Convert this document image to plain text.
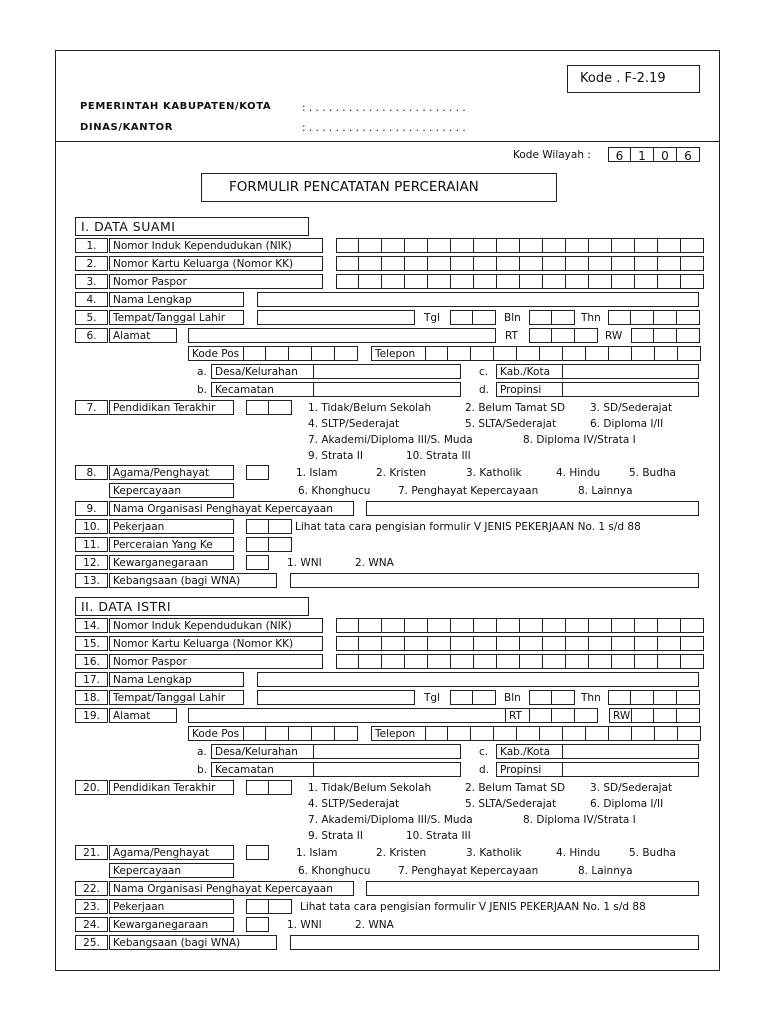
Kode . F-2.19
PEMERINTAH KABUPATEN/KOTA	: . . . . . . . . . . . . . . . . . . . . . . . .
DINAS/KANTOR	: . . . . . . . . . . . . . . . . . . . . . . . .
Kode Wilayah :	6	1	0	6
FORMULIR PENCATATAN PERCERAIAN
I. DATA SUAMI
1.	Nomor Induk Kependudukan (NIK)
2.	Nomor Kartu Keluarga (Nomor KK)
3.	Nomor Paspor
4.	Nama Lengkap
5.	Tempat/Tanggal Lahir	Tgl	Bln	Thn
6.	Alamat	RT	RW
Kode Pos	Telepon
a. Desa/Kelurahan	c.	Kab./Kota
b. Kecamatan	d.	Propinsi
7.	Pendidikan Terakhir	1. Tidak/Belum Sekolah	2. Belum Tamat SD 3. SD/Sederajat
4. SLTP/Sederajat	5. SLTA/Sederajat	6. Diploma I/II
7. Akademi/Diploma III/S. Muda	8. Diploma IV/Strata I
9. Strata II	10. Strata III
8.	Agama/Penghayat
Kepercayaan
1. Islam	2. Kristen	3. Katholik	4. Hindu	5. Budha
6. Khonghucu	7. Penghayat Kepercayaan	8. Lainnya
9.	Nama Organisasi Penghayat Kepercayaan
10.	Pekerjaan	Lihat tata cara pengisian formulir V JENIS PEKERJAAN No. 1 s/d 88
11.	Perceraian Yang Ke
12.	Kewarganegaraan	1. WNI	2. WNA
13.	Kebangsaan (bagi WNA)
II. DATA ISTRI
14.	Nomor Induk Kependudukan (NIK)
15.	Nomor Kartu Keluarga (Nomor KK)
16.	Nomor Paspor
17.	Nama Lengkap
18.	Tempat/Tanggal Lahir	Tgl	Bln	Thn
19.	Alamat	RT	RW
Kode Pos	Telepon
a. Desa/Kelurahan	c.	Kab./Kota
b. Kecamatan	d.	Propinsi
20.	Pendidikan Terakhir	1. Tidak/Belum Sekolah	2. Belum Tamat SD 3. SD/Sederajat
4. SLTP/Sederajat	5. SLTA/Sederajat	6. Diploma I/II
7. Akademi/Diploma III/S. Muda	8. Diploma IV/Strata I
9. Strata II	10. Strata III
21.	Agama/Penghayat
Kepercayaan
1. Islam	2. Kristen	3. Katholik	4. Hindu	5. Budha
6. Khonghucu	7. Penghayat Kepercayaan	8. Lainnya
22.	Nama Organisasi Penghayat Kepercayaan
23.	Pekerjaan	Lihat tata cara pengisian formulir V JENIS PEKERJAAN No. 1 s/d 88
24.	Kewarganegaraan	1. WNI	2. WNA
25.	Kebangsaan (bagi WNA)
